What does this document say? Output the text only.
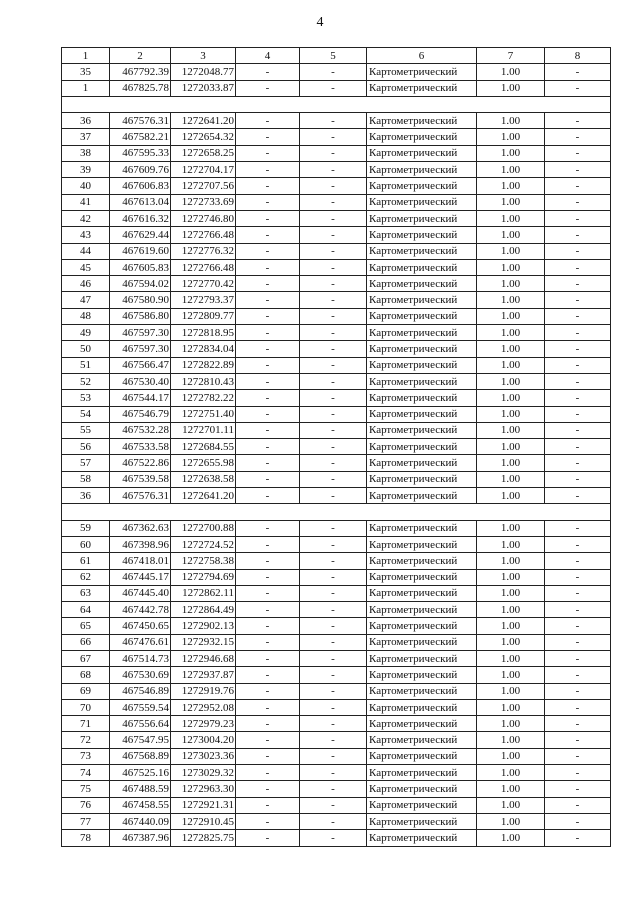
4
1	2	3	4	5	6	7	8
35	467792.39	1272048.77	-	-	Картометрический	1.00	-
1	467825.78	1272033.87	-	-	Картометрический	1.00	-

36	467576.31	1272641.20	-	-	Картометрический	1.00	-
37	467582.21	1272654.32	-	-	Картометрический	1.00	-
38	467595.33	1272658.25	-	-	Картометрический	1.00	-
39	467609.76	1272704.17	-	-	Картометрический	1.00	-
40	467606.83	1272707.56	-	-	Картометрический	1.00	-
41	467613.04	1272733.69	-	-	Картометрический	1.00	-
42	467616.32	1272746.80	-	-	Картометрический	1.00	-
43	467629.44	1272766.48	-	-	Картометрический	1.00	-
44	467619.60	1272776.32	-	-	Картометрический	1.00	-
45	467605.83	1272766.48	-	-	Картометрический	1.00	-
46	467594.02	1272770.42	-	-	Картометрический	1.00	-
47	467580.90	1272793.37	-	-	Картометрический	1.00	-
48	467586.80	1272809.77	-	-	Картометрический	1.00	-
49	467597.30	1272818.95	-	-	Картометрический	1.00	-
50	467597.30	1272834.04	-	-	Картометрический	1.00	-
51	467566.47	1272822.89	-	-	Картометрический	1.00	-
52	467530.40	1272810.43	-	-	Картометрический	1.00	-
53	467544.17	1272782.22	-	-	Картометрический	1.00	-
54	467546.79	1272751.40	-	-	Картометрический	1.00	-
55	467532.28	1272701.11	-	-	Картометрический	1.00	-
56	467533.58	1272684.55	-	-	Картометрический	1.00	-
57	467522.86	1272655.98	-	-	Картометрический	1.00	-
58	467539.58	1272638.58	-	-	Картометрический	1.00	-
36	467576.31	1272641.20	-	-	Картометрический	1.00	-

59	467362.63	1272700.88	-	-	Картометрический	1.00	-
60	467398.96	1272724.52	-	-	Картометрический	1.00	-
61	467418.01	1272758.38	-	-	Картометрический	1.00	-
62	467445.17	1272794.69	-	-	Картометрический	1.00	-
63	467445.40	1272862.11	-	-	Картометрический	1.00	-
64	467442.78	1272864.49	-	-	Картометрический	1.00	-
65	467450.65	1272902.13	-	-	Картометрический	1.00	-
66	467476.61	1272932.15	-	-	Картометрический	1.00	-
67	467514.73	1272946.68	-	-	Картометрический	1.00	-
68	467530.69	1272937.87	-	-	Картометрический	1.00	-
69	467546.89	1272919.76	-	-	Картометрический	1.00	-
70	467559.54	1272952.08	-	-	Картометрический	1.00	-
71	467556.64	1272979.23	-	-	Картометрический	1.00	-
72	467547.95	1273004.20	-	-	Картометрический	1.00	-
73	467568.89	1273023.36	-	-	Картометрический	1.00	-
74	467525.16	1273029.32	-	-	Картометрический	1.00	-
75	467488.59	1272963.30	-	-	Картометрический	1.00	-
76	467458.55	1272921.31	-	-	Картометрический	1.00	-
77	467440.09	1272910.45	-	-	Картометрический	1.00	-
78	467387.96	1272825.75	-	-	Картометрический	1.00	-
